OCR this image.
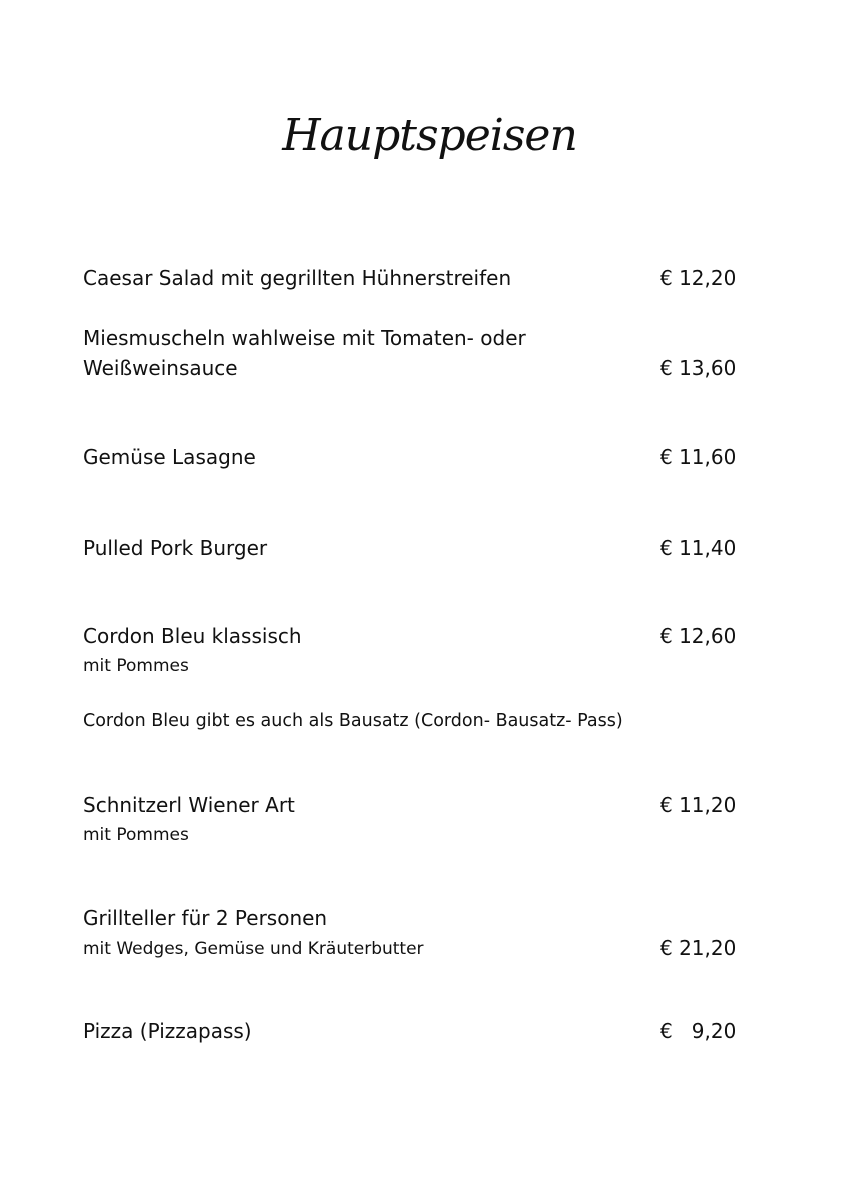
Hauptspeisen
Caesar Salad mit gegrillten Hühnerstreifen	€ 12,20
Miesmuscheln wahlweise mit Tomaten- oder
Weißweinsauce	€ 13,60
Gemüse Lasagne	€ 11,60
Pulled Pork Burger	€ 11,40
Cordon Bleu klassisch	€ 12,60
mit Pommes
Cordon Bleu gibt es auch als Bausatz (Cordon- Bausatz- Pass)
Schnitzerl Wiener Art	€ 11,20
mit Pommes
Grillteller für 2 Personen
mit Wedges, Gemüse und Kräuterbutter	€ 21,20
Pizza (Pizzapass)	€   9,20
